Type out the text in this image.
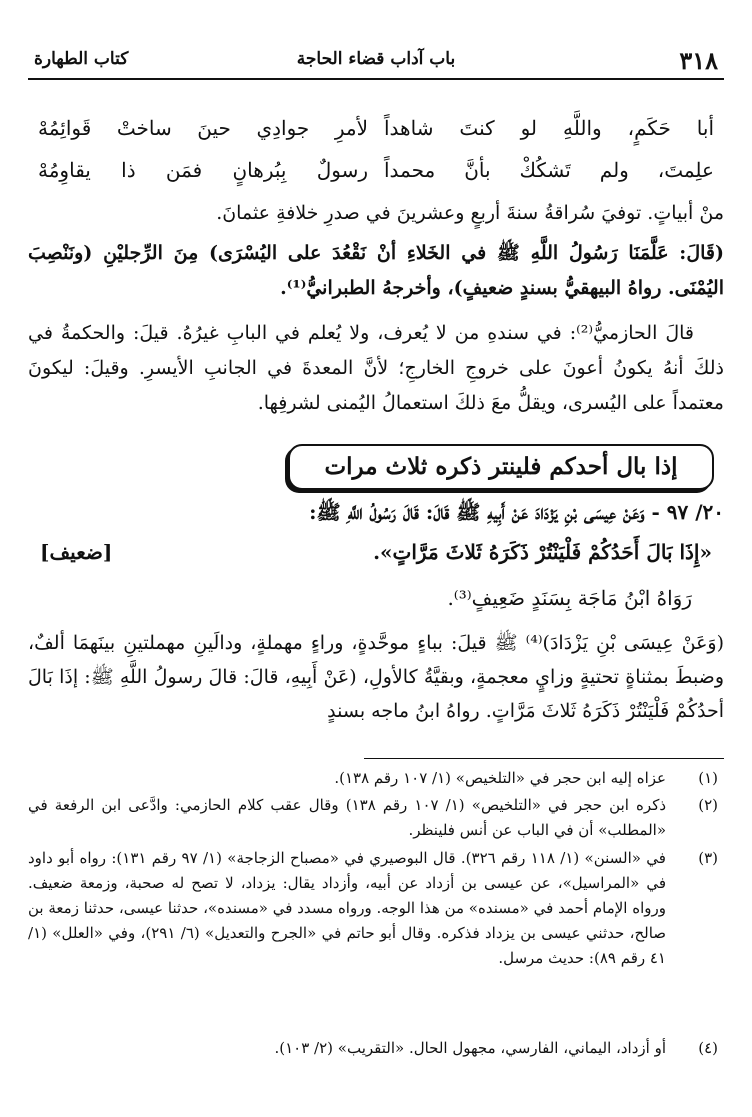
٣١٨
باب آداب قضاء الحاجة
كتاب الطهارة
أبا حَكَمٍ، واللَّهِ لو كنتَ شاهداً
لأمرِ جوادِي حينَ ساختْ قَوائِمُهْ
علِمتَ، ولم تَشكُكْ بأنَّ محمداً
رسولٌ بِبُرهانٍ فمَن ذا يقاوِمُهْ
منْ أبياتٍ. توفيَ سُراقةُ سنةَ أربعٍ وعشرينَ في صدرِ خلافةِ عثمانَ.
(قَالَ: عَلَّمَنَا رَسُولُ اللَّهِ ﷺ في الخَلاءِ أنْ نَقْعُدَ على اليُسْرَى) مِنَ الرِّجليْنِ (ونَنْصِبَ اليُمْنَى. رواهُ البيهقيُّ بسندٍ ضعيفٍ)، وأخرجهُ الطبرانيُّ⁽¹⁾.
قالَ الحازميُّ⁽²⁾: في سندهِ من لا يُعرف، ولا يُعلم في البابِ غيرُهُ. قيلَ: والحكمةُ في ذلكَ أنهُ يكونُ أعونَ على خروجِ الخارجِ؛ لأنَّ المعدةَ في الجانبِ الأيسرِ. وقيلَ: ليكونَ معتمداً على اليُسرى، ويقلُّ معَ ذلكَ استعمالُ اليُمنى لشرفِها.
إذا بال أحدكم فلينتر ذكره ثلاث مرات
٢٠/ ٩٧ - وَعَنْ عِيسَى بْنِ يَزْدَادَ عَنْ أَبِيهِ ﷺ قَالَ: قَالَ رَسُولُ اللَّهِ ﷺ:
«إِذَا بَالَ أَحَدُكُمْ فَلْيَنْتُرْ ذَكَرَهُ ثَلاثَ مَرَّاتٍ».
[ضعيف]
رَوَاهُ ابْنُ مَاجَة بِسَنَدٍ ضَعِيفٍ⁽³⁾.
(وَعَنْ عِيسَى بْنِ يَزْدَادَ)⁽⁴⁾ ﷺ قيلَ: بباءٍ موحَّدةٍ، وراءٍ مهملةٍ، ودالَينِ مهملتينِ بينَهمَا ألفٌ، وضبطَ بمثناةٍ تحتيةٍ وزايٍ معجمةٍ، وبقيَّةُ كالأولِ، (عَنْ أَبِيهِ، قالَ: قالَ رسولُ اللَّهِ ﷺ: إذَا بَالَ أحدُكُمْ فَلْيَنْتُرْ ذَكَرَهُ ثَلاثَ مَرَّاتٍ. رواهُ ابنُ ماجه بسندٍ
(١)
عزاه إليه ابن حجر في «التلخيص» (١/ ١٠٧ رقم ١٣٨).
(٢)
ذكره ابن حجر في «التلخيص» (١/ ١٠٧ رقم ١٣٨) وقال عقب كلام الحازمي: وادَّعى ابن الرفعة في «المطلب» أن في الباب عن أنس فلينظر.
(٣)
في «السنن» (١/ ١١٨ رقم ٣٢٦). قال البوصيري في «مصباح الزجاجة» (١/ ٩٧ رقم ١٣١): رواه أبو داود في «المراسيل»، عن عيسى بن أزداد عن أبيه، وأزداد يقال: يزداد، لا تصح له صحبة، وزمعة ضعيف. ورواه الإمام أحمد في «مسنده» من هذا الوجه. ورواه مسدد في «مسنده»، حدثنا عيسى، حدثنا زمعة بن صالح، حدثني عيسى بن يزداد فذكره. وقال أبو حاتم في «الجرح والتعديل» (٦/ ٢٩١)، وفي «العلل» (١/ ٤١ رقم ٨٩): حديث مرسل.
(٤)
أو أزداد، اليماني، الفارسي، مجهول الحال. «التقريب» (٢/ ١٠٣).
